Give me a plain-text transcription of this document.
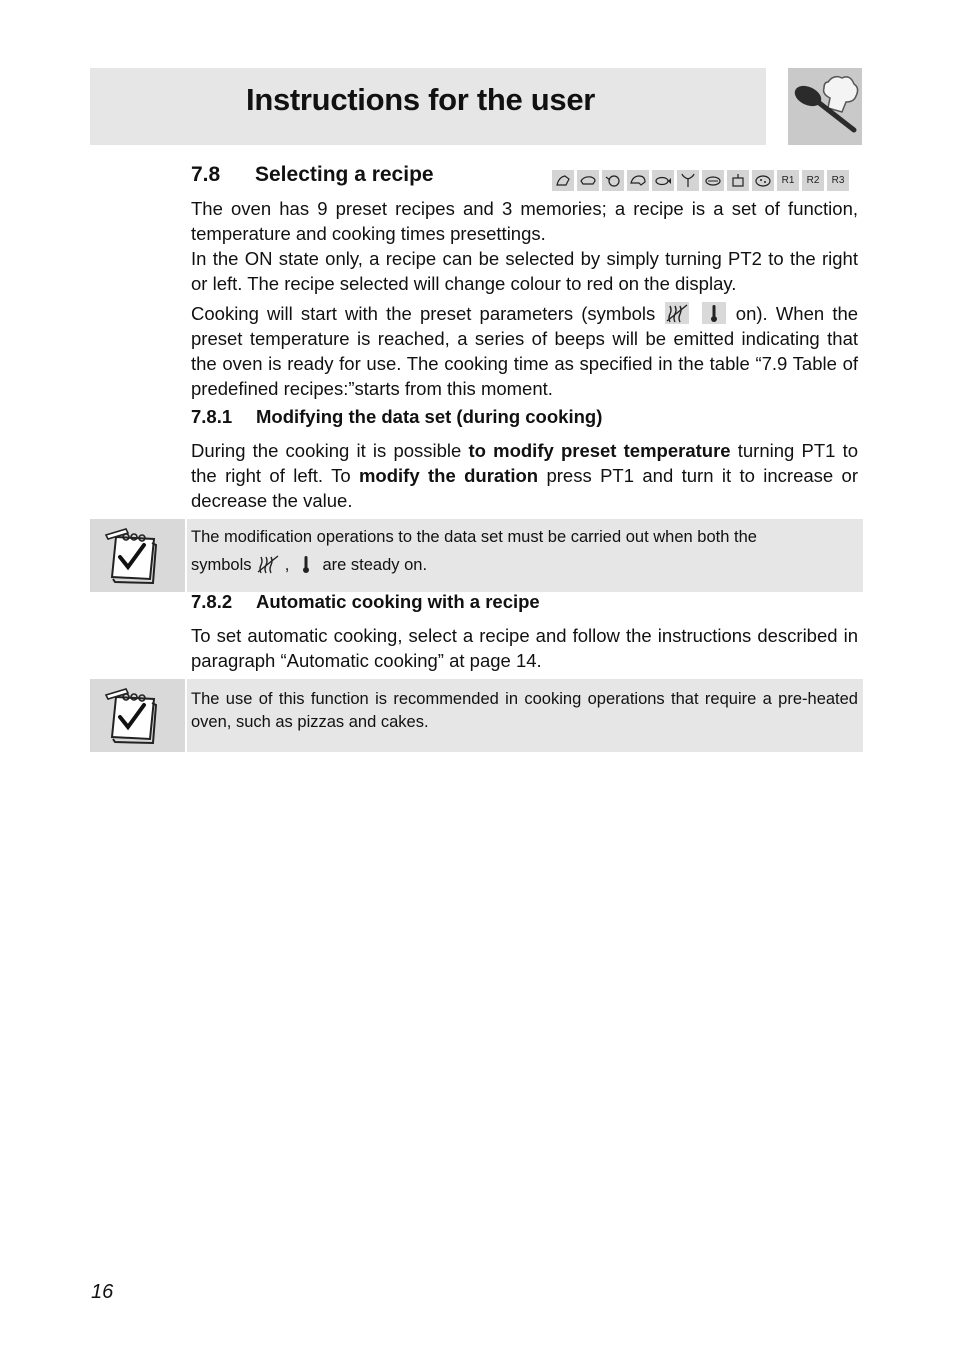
Instructions for the user
7.8 Selecting a recipe	R1	R2	R3
The oven has 9 preset recipes and 3 memories; a recipe is a set of function, temperature and cooking times presettings.
In the ON state only, a recipe can be selected by simply turning PT2 to the right or left. The recipe selected will change colour to red on the display.
Cooking will start with the preset parameters (symbols
	on). When the preset temperature is reached, a series of beeps will be emitted indicating that the oven is ready for use. The cooking time as specified in the table “7.9 Table of predefined recipes:”starts from this moment.
7.8.1 Modifying the data set (during cooking)
During the cooking it is possible to modify preset temperature turning PT1 to the right of left. To modify the duration press PT1 and turn it to increase or decrease the value.
The modification operations to the data set must be carried out when both the
symbols , are steady on.
7.8.2 Automatic cooking with a recipe
To set automatic cooking, select a recipe and follow the instructions described in paragraph “Automatic cooking” at page 14.
The use of this function is recommended in cooking operations that require a pre-heated oven, such as pizzas and cakes.
16
